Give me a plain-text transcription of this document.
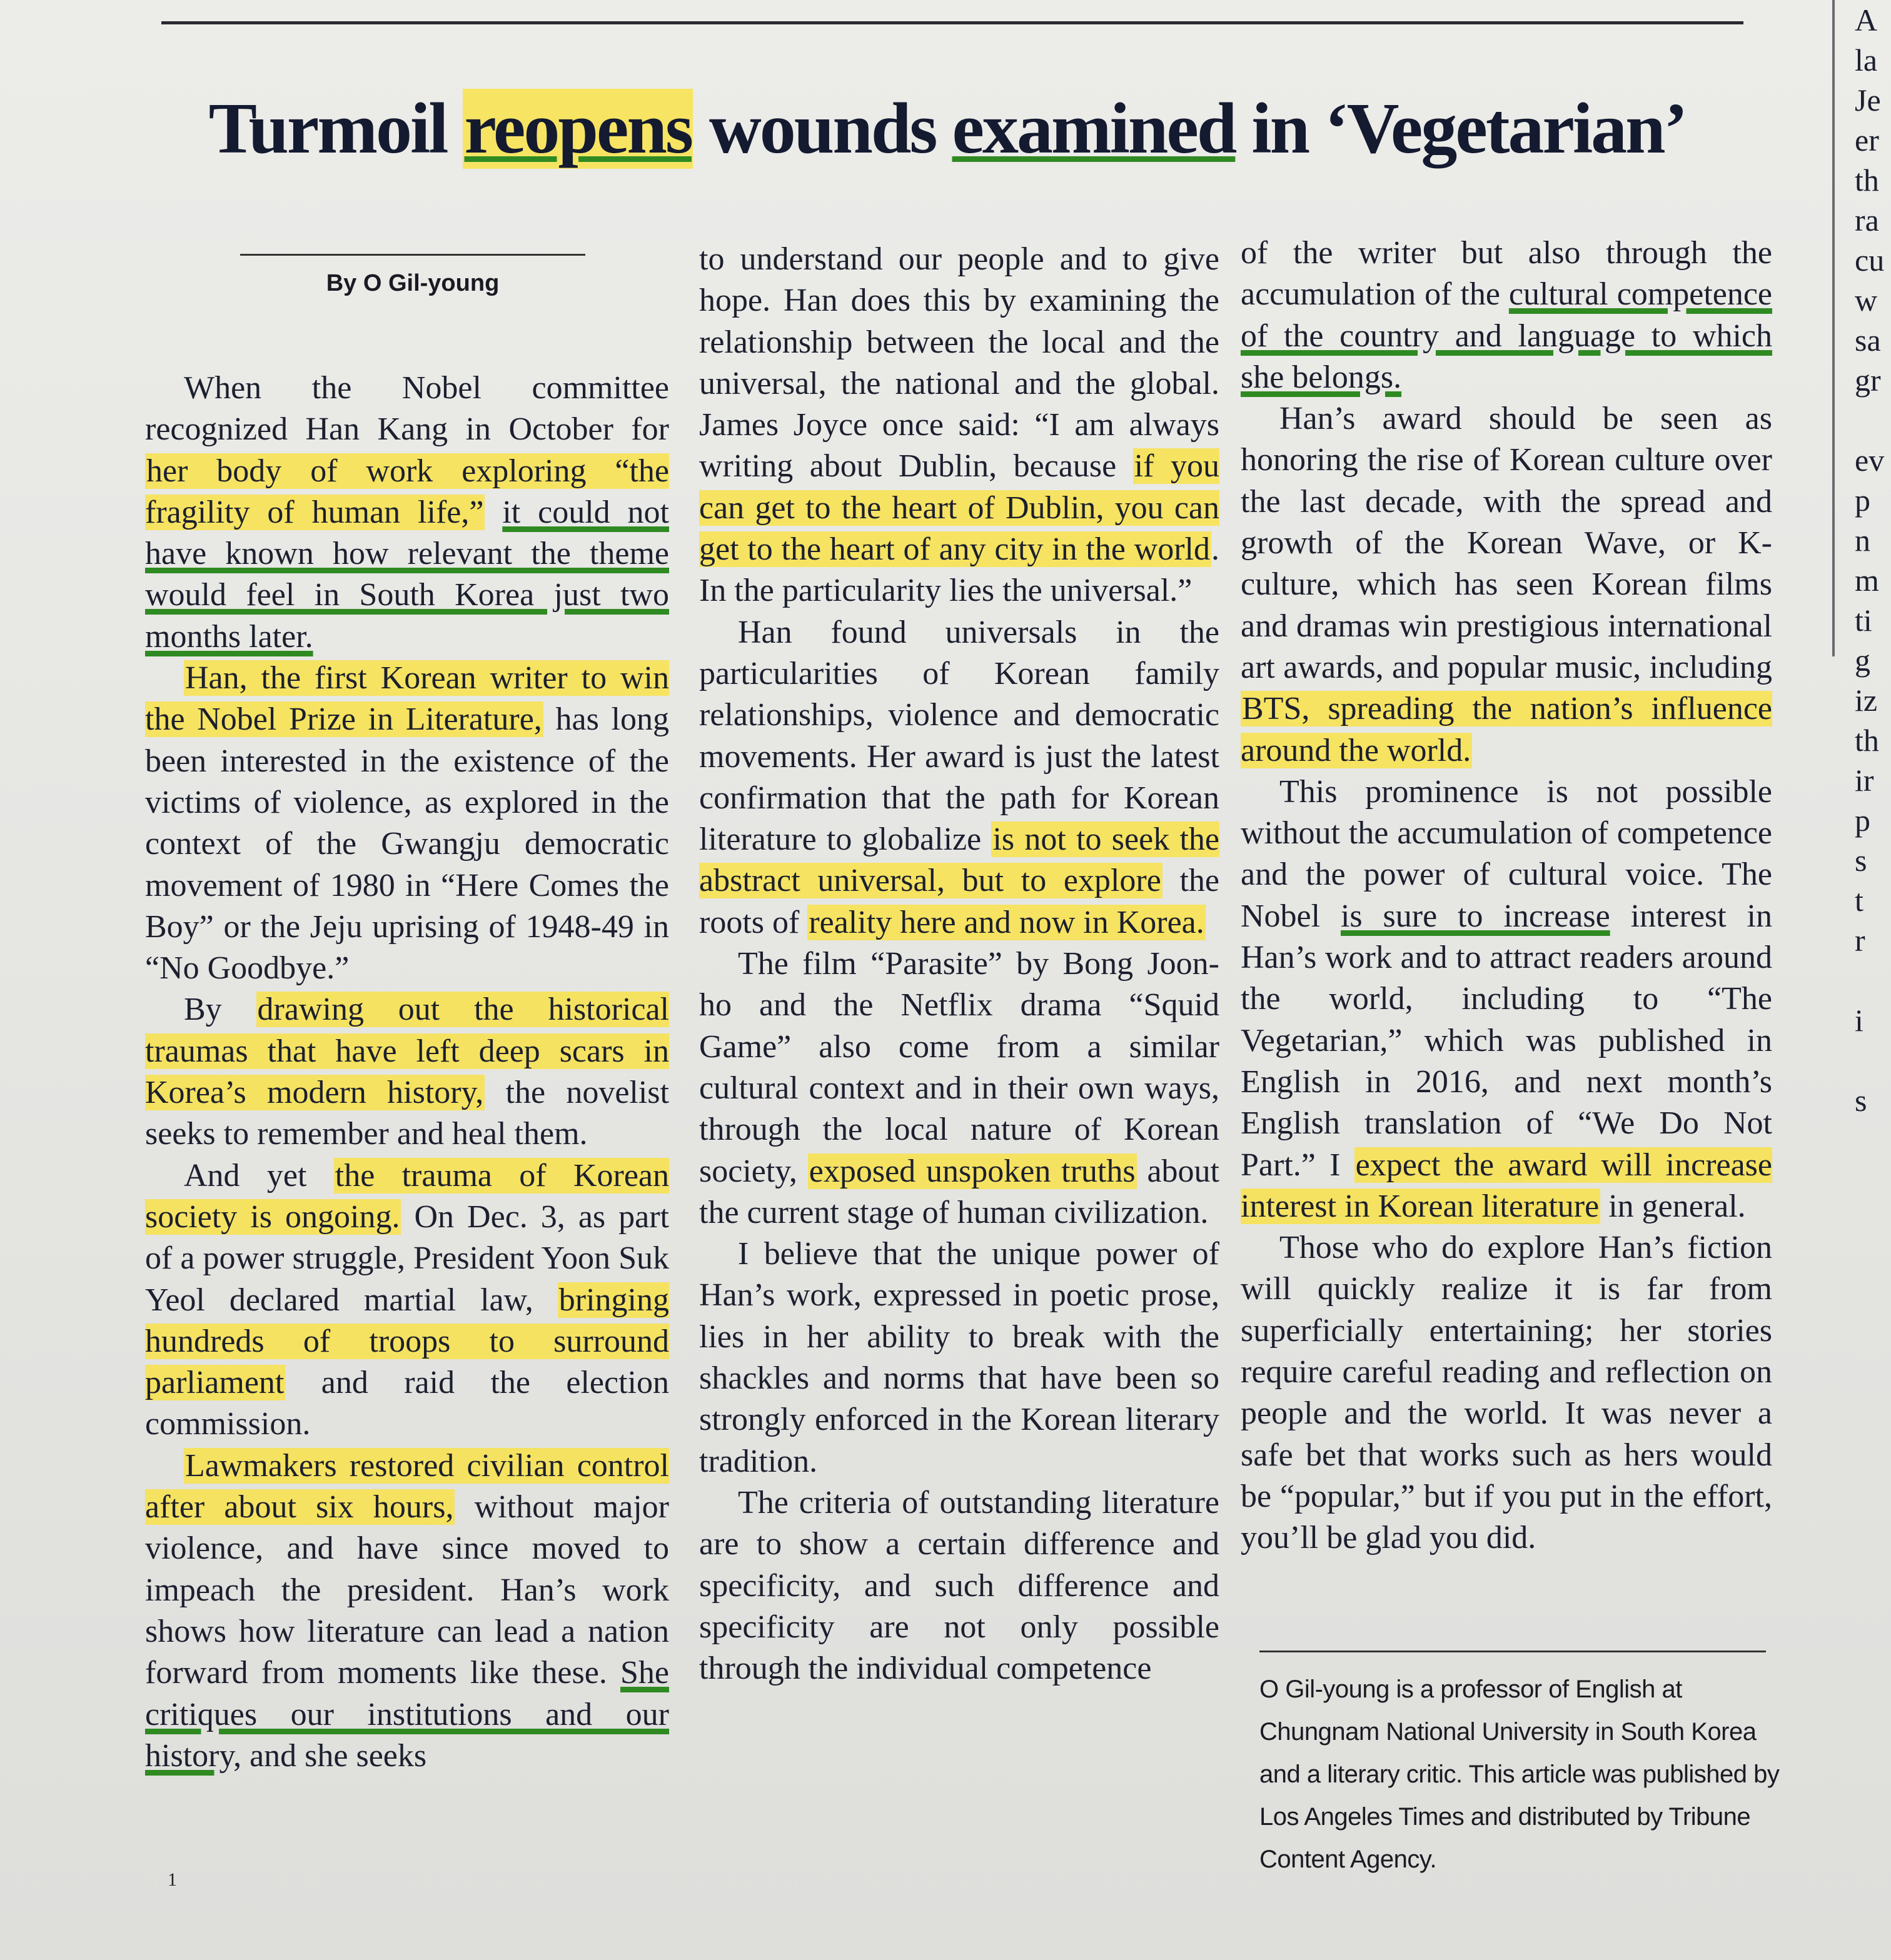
Turmoil reopens wounds examined in ‘Vegetarian’
By O Gil-young

When the Nobel committee recognized Han Kang in October for her body of work exploring “the fragility of human life,” it could not have known how relevant the theme would feel in South Korea just two months later.

Han, the first Korean writer to win the Nobel Prize in Literature, has long been interested in the existence of the victims of violence, as explored in the context of the Gwangju democratic movement of 1980 in “Here Comes the Boy” or the Jeju uprising of 1948-49 in “No Goodbye.”

By drawing out the historical traumas that have left deep scars in Korea’s modern history, the novelist seeks to remember and heal them.

And yet the trauma of Korean society is ongoing. On Dec. 3, as part of a power struggle, President Yoon Suk Yeol declared martial law, bringing hundreds of troops to surround parliament and raid the election commission.

Lawmakers restored civilian control after about six hours, without major violence, and have since moved to impeach the president. Han’s work shows how literature can lead a nation forward from moments like these. She critiques our institutions and our history, and she seeks

to understand our people and to give hope. Han does this by examining the relationship between the local and the universal, the national and the global. James Joyce once said: “I am always writing about Dublin, because if you can get to the heart of Dublin, you can get to the heart of any city in the world. In the particularity lies the universal.”

Han found universals in the particularities of Korean family relationships, violence and democratic movements. Her award is just the latest confirmation that the path for Korean literature to globalize is not to seek the abstract universal, but to explore the roots of reality here and now in Korea.

The film “Parasite” by Bong Joon-ho and the Netflix drama “Squid Game” also come from a similar cultural context and in their own ways, through the local nature of Korean society, exposed unspoken truths about the current stage of human civilization.

I believe that the unique power of Han’s work, expressed in poetic prose, lies in her ability to break with the shackles and norms that have been so strongly enforced in the Korean literary tradition.

The criteria of outstanding literature are to show a certain difference and specificity, and such difference and specificity are not only possible through the individual competence

of the writer but also through the accumulation of the cultural competence of the country and language to which she belongs.

Han’s award should be seen as honoring the rise of Korean culture over the last decade, with the spread and growth of the Korean Wave, or K-culture, which has seen Korean films and dramas win prestigious international art awards, and popular music, including BTS, spreading the nation’s influence around the world.

This prominence is not possible without the accumulation of competence and the power of cultural voice. The Nobel is sure to increase interest in Han’s work and to attract readers around the world, including to “The Vegetarian,” which was published in English in 2016, and next month’s English translation of “We Do Not Part.” I expect the award will increase interest in Korean literature in general.

Those who do explore Han’s fiction will quickly realize it is far from superficially entertaining; her stories require careful reading and reflection on people and the world. It was never a safe bet that works such as hers would be “popular,” but if you put in the effort, you’ll be glad you did.

O Gil-young is a professor of English at Chungnam National University in South Korea and a literary critic. This article was published by Los Angeles Times and distributed by Tribune Content Agency.
1
A
la
Je
er
th
ra
cu
w
sa
gr

ev
p
n
m
ti
g
iz
th
ir
p
s
t
r

i

s
